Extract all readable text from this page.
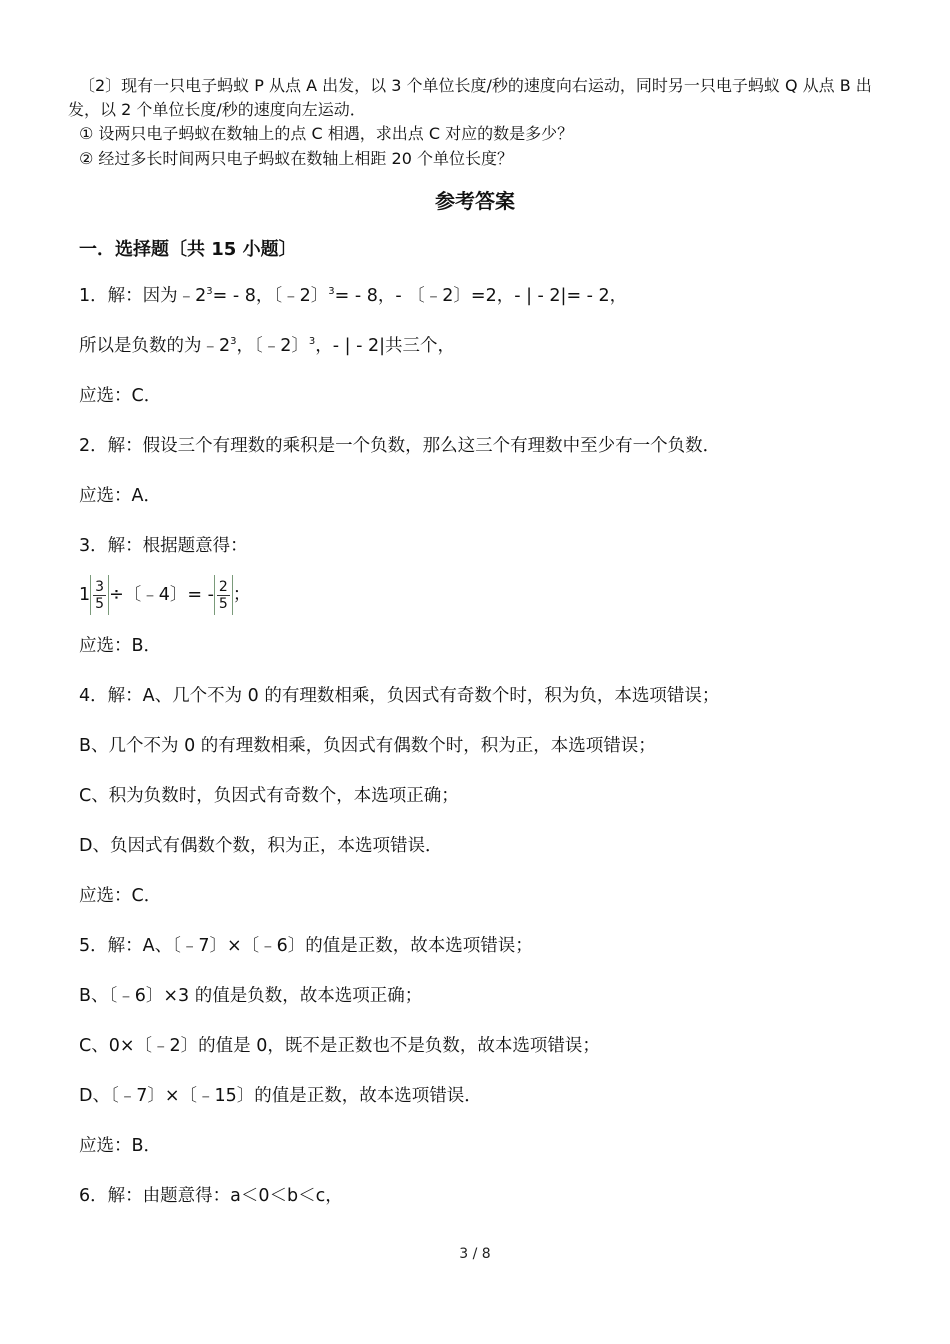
〔2〕现有一只电子蚂蚁 P 从点 A 出发，以 3 个单位长度/秒的速度向右运动，同时另一只电子蚂蚁 Q 从点 B 出
发，以 2 个单位长度/秒的速度向左运动．
① 设两只电子蚂蚁在数轴上的点 C 相遇，求出点 C 对应的数是多少？
② 经过多长时间两只电子蚂蚁在数轴上相距 20 个单位长度？
参考答案
一．选择题〔共 15 小题〕
1．解：因为$﹣2^3= - 8$，〔﹣2〕$^3$= - 8，- 〔﹣2〕=2，- | - 2|= - 2，
所以是负数的为$﹣2^3$，〔﹣2〕$^3$，- | - 2|共三个，
应选：C．
2．解：假设三个有理数的乘积是一个负数，那么这三个有理数中至少有一个负数．
应选：A．
3．解：根据题意得：
$1 \frac{3}{5}$ ÷〔﹣4〕= - $\frac{2}{5}$ ；
应选：B．
4．解：A、几个不为 0 的有理数相乘，负因式有奇数个时，积为负，本选项错误；
B、几个不为 0 的有理数相乘，负因式有偶数个时，积为正，本选项错误；
C、积为负数时，负因式有奇数个，本选项正确；
D、负因式有偶数个数，积为正，本选项错误．
应选：C．
5．解：A、〔﹣7〕×〔﹣6〕的值是正数，故本选项错误；
B、〔﹣6〕×3 的值是负数，故本选项正确；
C、0×〔﹣2〕的值是 0，既不是正数也不是负数，故本选项错误；
D、〔﹣7〕×〔﹣15〕的值是正数，故本选项错误．
应选：B．
6．解：由题意得：a＜0＜b＜c，
3 / 8
